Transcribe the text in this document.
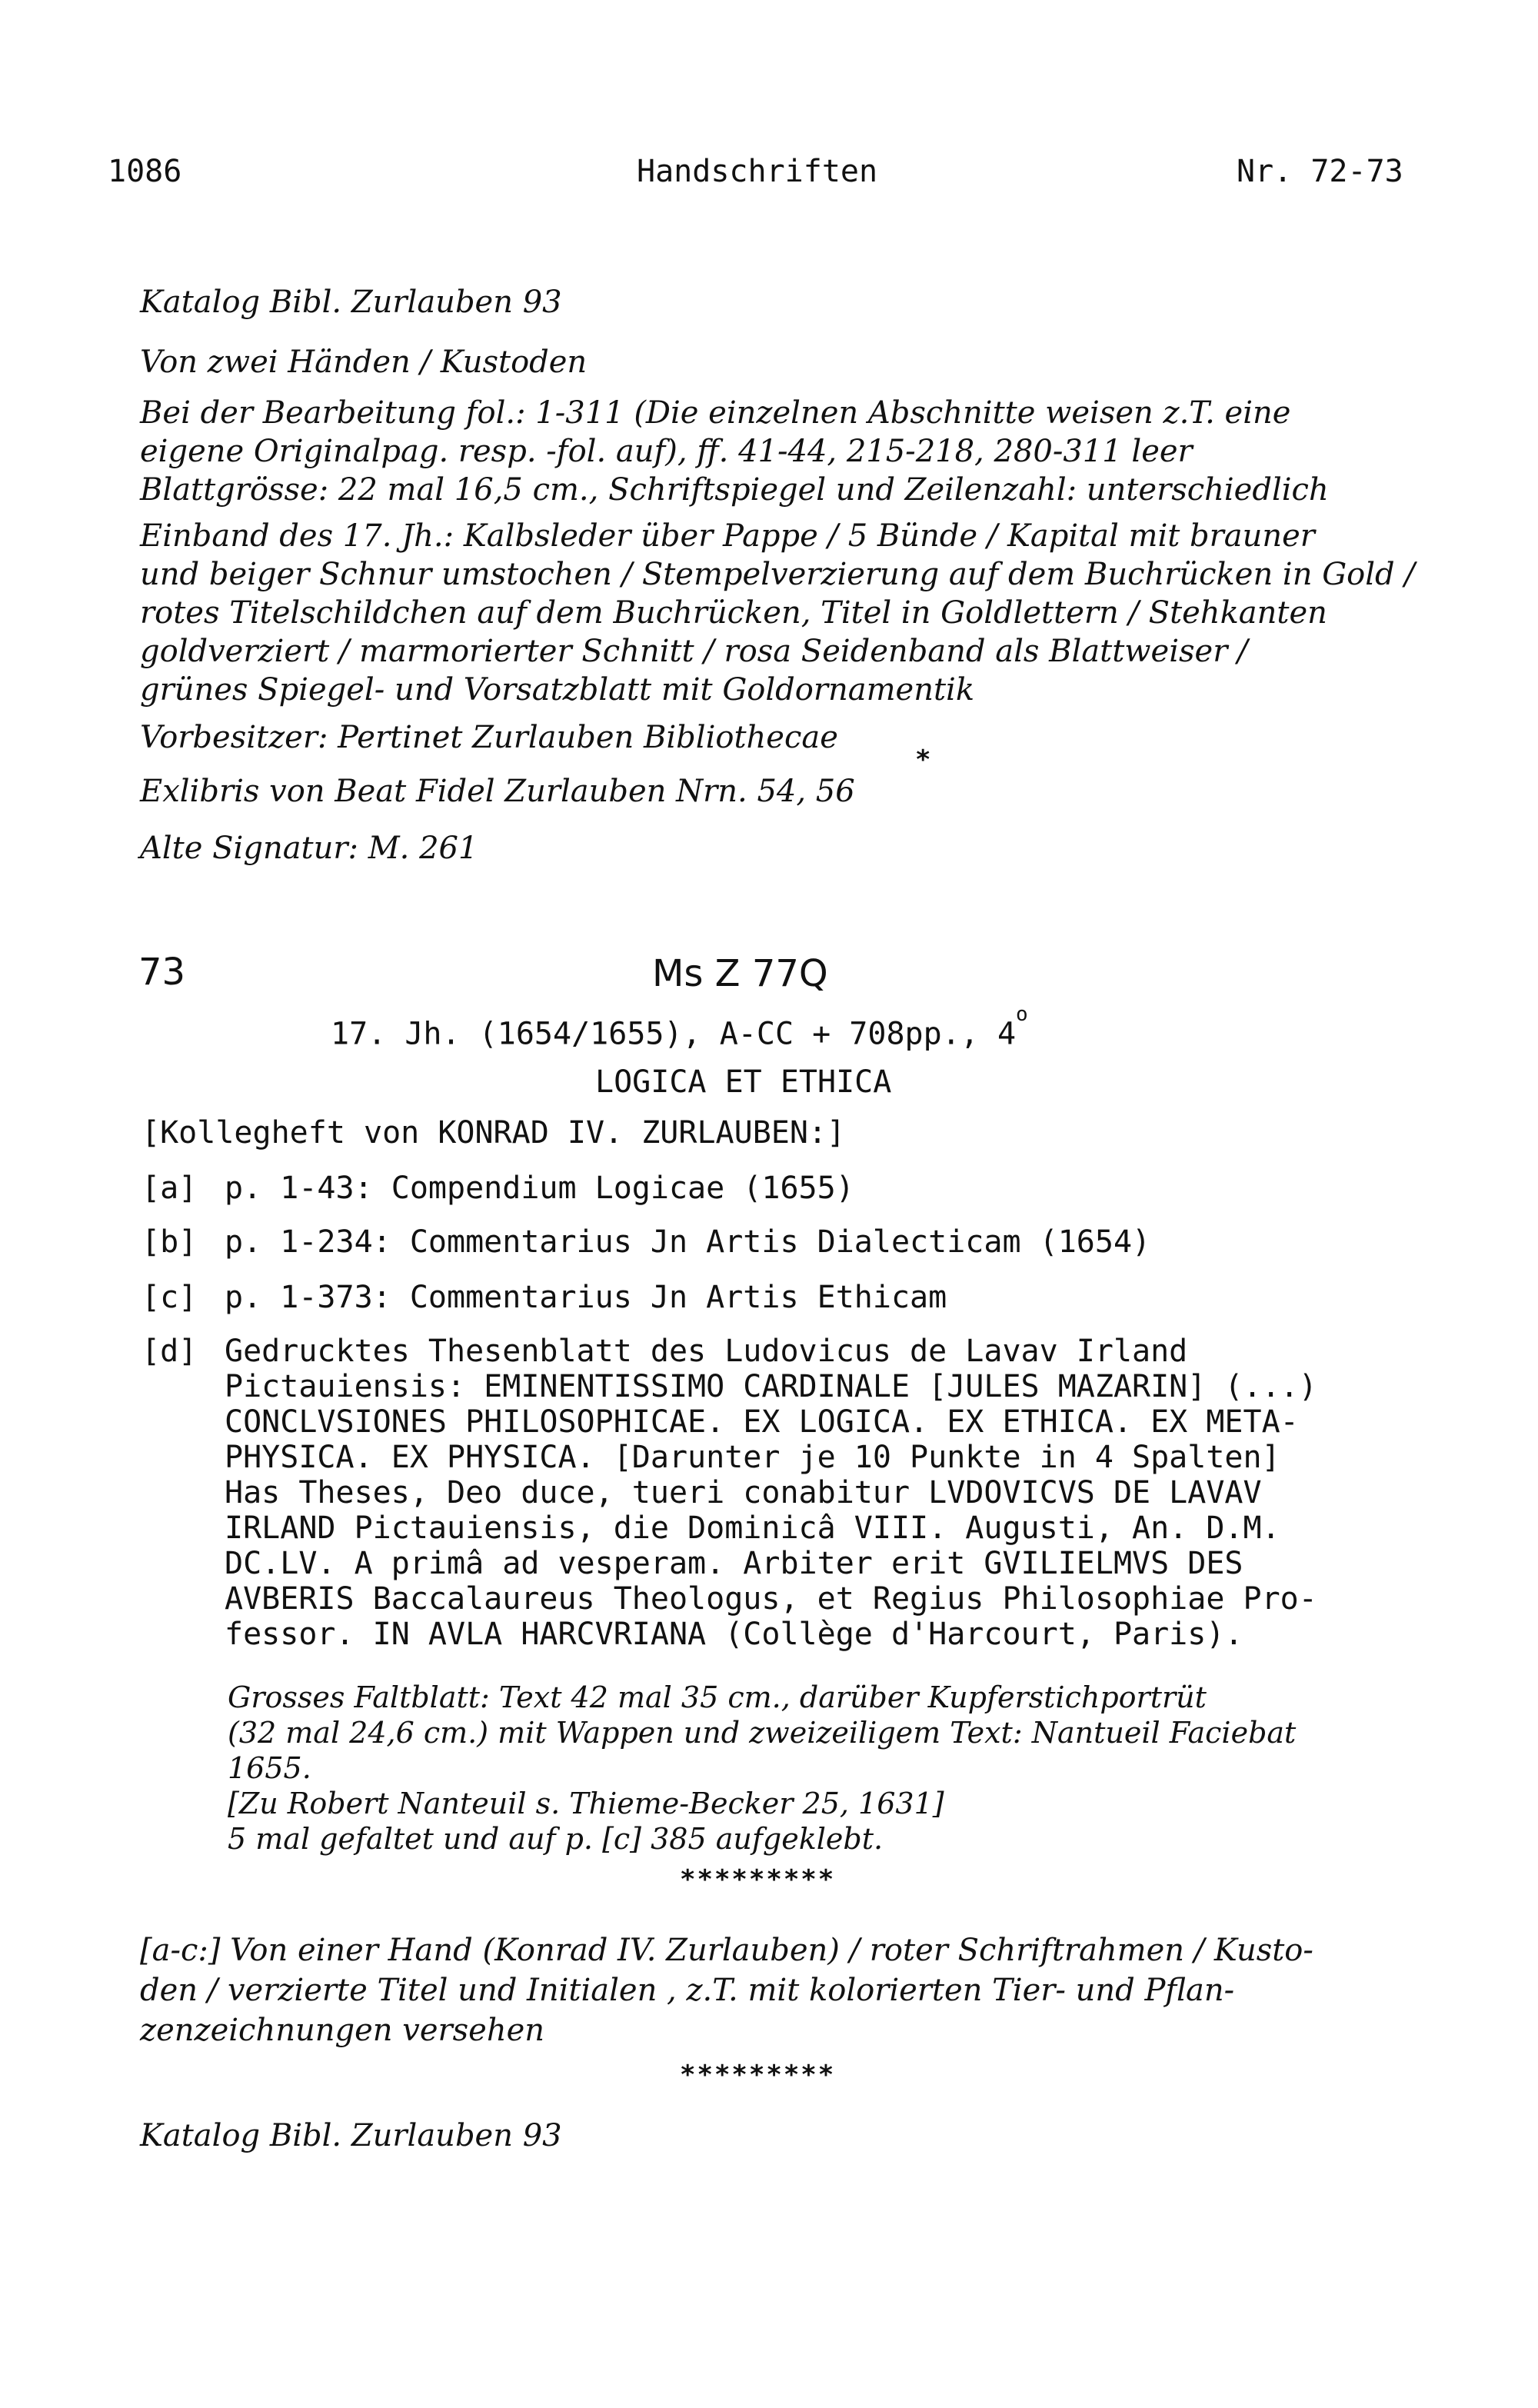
1086	Handschriften	Nr. 72-73
Katalog Bibl. Zurlauben 93
Von zwei Händen / Kustoden
Bei der Bearbeitung fol.: 1-311 (Die einzelnen Abschnitte weisen z.T. eine
eigene Originalpag. resp. -fol. auf), ff. 41-44, 215-218, 280-311 leer
Blattgrösse: 22 mal 16,5 cm., Schriftspiegel und Zeilenzahl: unterschiedlich
Einband des 17. Jh.: Kalbsleder über Pappe / 5 Bünde / Kapital mit brauner
und beiger Schnur umstochen / Stempelverzierung auf dem Buchrücken in Gold /
rotes Titelschildchen auf dem Buchrücken, Titel in Goldlettern / Stehkanten
goldverziert / marmorierter Schnitt / rosa Seidenband als Blattweiser /
grünes Spiegel- und Vorsatzblatt mit Goldornamentik
Vorbesitzer: Pertinet Zurlauben Bibliothecae
Exlibris von Beat Fidel Zurlauben Nrn. 54, 56
*
Alte Signatur: M. 261
73	Ms Z 77Q
17. Jh. (1654/1655), A-CC + 708pp., 4$^o$
LOGICA ET ETHICA
[Kollegheft von KONRAD IV. ZURLAUBEN:]
[a] p. 1-43: Compendium Logicae (1655)
[b] p. 1-234: Commentarius Jn Artis Dialecticam (1654)
[c] p. 1-373: Commentarius Jn Artis Ethicam
[d] Gedrucktes Thesenblatt des Ludovicus de Lavav Irland
Pictauiensis: EMINENTISSIMO CARDINALE [JULES MAZARIN] (...)
CONCLVSIONES PHILOSOPHICAE. EX LOGICA. EX ETHICA. EX META-
PHYSICA. EX PHYSICA. [Darunter je 10 Punkte in 4 Spalten]
Has Theses, Deo duce, tueri conabitur LVDOVICVS DE LAVAV
IRLAND Pictauiensis, die Dominicâ VIII. Augusti, An. D.M.
DC.LV. A primâ ad vesperam. Arbiter erit GVILIELMVS DES
AVBERIS Baccalaureus Theologus, et Regius Philosophiae Pro-
fessor. IN AVLA HARCVRIANA (Collège d'Harcourt, Paris).
Grosses Faltblatt: Text 42 mal 35 cm., darüber Kupferstichportrüt
(32 mal 24,6 cm.) mit Wappen und zweizeiligem Text: Nantueil Faciebat
1655.
[Zu Robert Nanteuil s. Thieme-Becker 25, 1631]
5 mal gefaltet und auf p. [c] 385 aufgeklebt.
*********
[a-c:] Von einer Hand (Konrad IV. Zurlauben) / roter Schriftrahmen / Kusto-
den / verzierte Titel und Initialen , z.T. mit kolorierten Tier- und Pflan-
zenzeichnungen versehen
*********
Katalog Bibl. Zurlauben 93
